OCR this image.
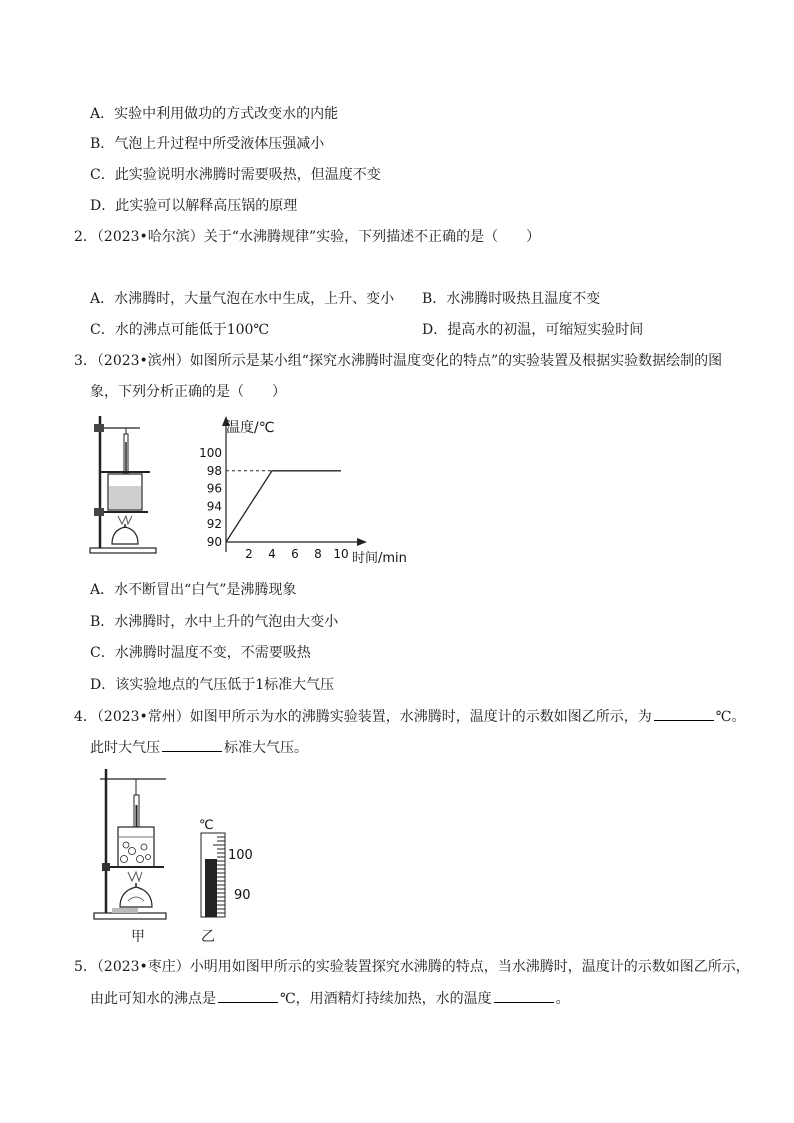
A．实验中利用做功的方式改变水的内能
B．气泡上升过程中所受液体压强减小
C．此实验说明水沸腾时需要吸热，但温度不变
D．此实验可以解释高压锅的原理
2．（2023•哈尔滨）关于“水沸腾规律”实验，下列描述不正确的是（　　）
A．水沸腾时，大量气泡在水中生成，上升、变小 B．水沸腾时吸热且温度不变
C．水的沸点可能低于100℃	D．提高水的初温，可缩短实验时间
3．（2023•滨州）如图所示是某小组“探究水沸腾时温度变化的特点”的实验装置及根据实验数据绘制的图
象，下列分析正确的是（　　）
温度/℃
时间/min
90
92
94
96
98
100
2 4 6 8 10
A．水不断冒出“白气”是沸腾现象
B．水沸腾时，水中上升的气泡由大变小
C．水沸腾时温度不变，不需要吸热
D．该实验地点的气压低于1标准大气压
4．（2023•常州）如图甲所示为水的沸腾实验装置，水沸腾时，温度计的示数如图乙所示，为	℃。
此时大气压	标准大气压。
甲
℃
100
90
乙
5．（2023•枣庄）小明用如图甲所示的实验装置探究水沸腾的特点，当水沸腾时，温度计的示数如图乙所示，
由此可知水的沸点是	℃，用酒精灯持续加热，水的温度	。
